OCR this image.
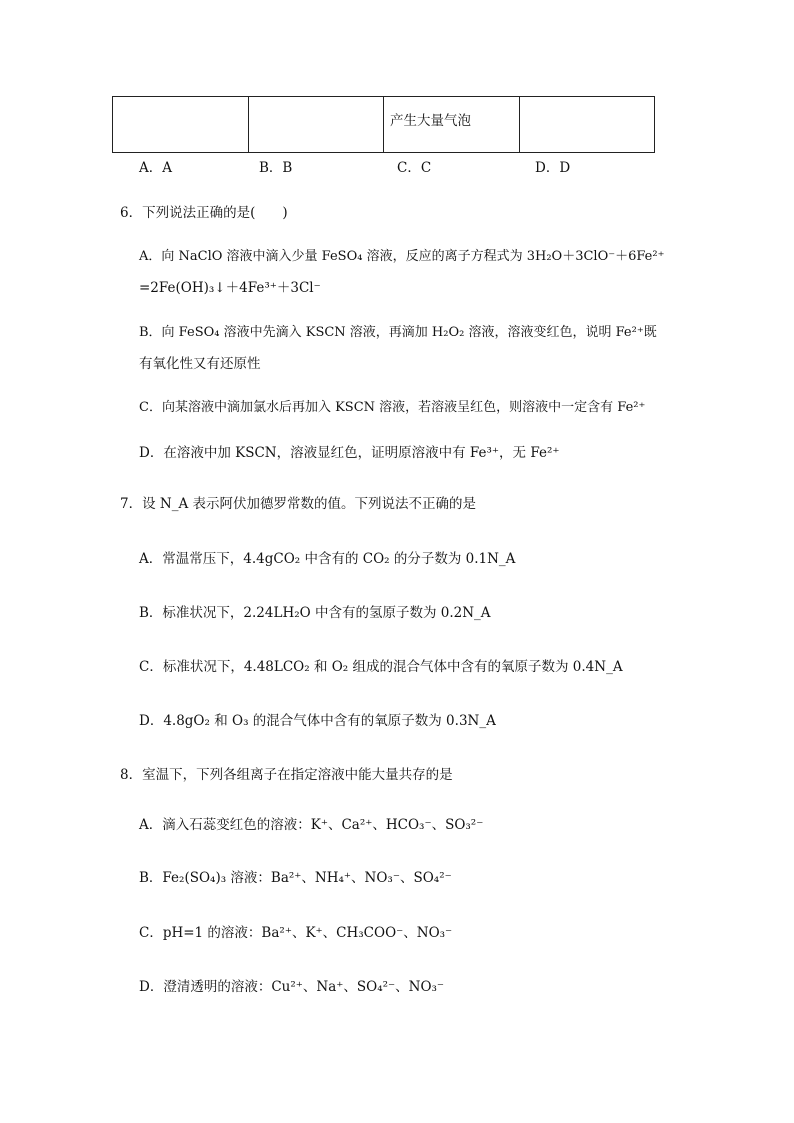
		产生大量气泡	
A．A	B．B	C．C	D．D
6．下列说法正确的是(　　)
A．向 NaClO 溶液中滴入少量 FeSO₄ 溶液，反应的离子方程式为 3H₂O＋3ClO⁻＋6Fe²⁺
=2Fe(OH)₃↓＋4Fe³⁺＋3Cl⁻
B．向 FeSO₄ 溶液中先滴入 KSCN 溶液，再滴加 H₂O₂ 溶液，溶液变红色，说明 Fe²⁺既
有氧化性又有还原性
C．向某溶液中滴加氯水后再加入 KSCN 溶液，若溶液呈红色，则溶液中一定含有 Fe²⁺
D．在溶液中加 KSCN，溶液显红色，证明原溶液中有 Fe³⁺，无 Fe²⁺
7．设 N_A 表示阿伏加德罗常数的值。下列说法不正确的是
A．常温常压下，4.4gCO₂ 中含有的 CO₂ 的分子数为 0.1N_A
B．标准状况下，2.24LH₂O 中含有的氢原子数为 0.2N_A
C．标准状况下，4.48LCO₂ 和 O₂ 组成的混合气体中含有的氧原子数为 0.4N_A
D．4.8gO₂ 和 O₃ 的混合气体中含有的氧原子数为 0.3N_A
8．室温下，下列各组离子在指定溶液中能大量共存的是
A．滴入石蕊变红色的溶液：K⁺、Ca²⁺、HCO₃⁻、SO₃²⁻
B．Fe₂(SO₄)₃ 溶液：Ba²⁺、NH₄⁺、NO₃⁻、SO₄²⁻
C．pH=1 的溶液：Ba²⁺、K⁺、CH₃COO⁻、NO₃⁻
D．澄清透明的溶液：Cu²⁺、Na⁺、SO₄²⁻、NO₃⁻
